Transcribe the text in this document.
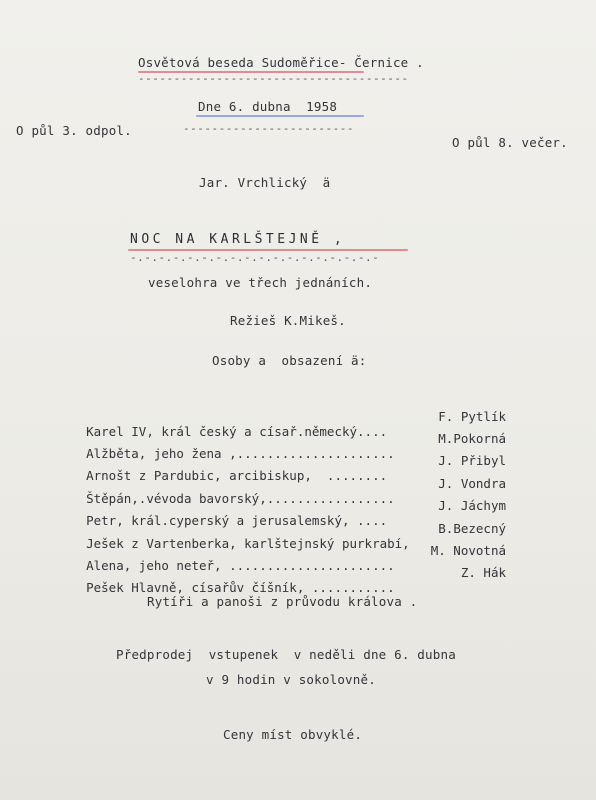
Osvětová beseda Sudoměřice- Černice .
--------------------------------------
Dne 6. dubna  1958
------------------------
O půl 3. odpol.
O půl 8. večer.
Jar. Vrchlický  ä
NOC NA KARLŠTEJNĚ ,
-.-.-.-.-.-.-.-.-.-.-.-.-.-.-.-.-.-
veselohra ve třech jednáních.
Režieš K.Mikeš.
Osoby a  obsazení ä:

Karel IV, král český a císař.německý....

F. Pytlík

Alžběta, jeho žena ,.....................

M.Pokorná

Arnošt z Pardubic, arcibiskup,  ........

J. Přibyl

Štěpán,.vévoda bavorský,.................

J. Vondra

Petr, král.cyperský a jerusalemský, ....

J. Jáchym

Ješek z Vartenberka, karlštejnský purkrabí,

B.Bezecný

Alena, jeho neteř, ......................

M. Novotná

Pešek Hlavně, císařův číšník, ...........

Z. Hák

Rytíři a panoši z průvodu králova .
Předprodej  vstupenek  v neděli dne 6. dubna
v 9 hodin v sokolovně.
Ceny míst obvyklé.
